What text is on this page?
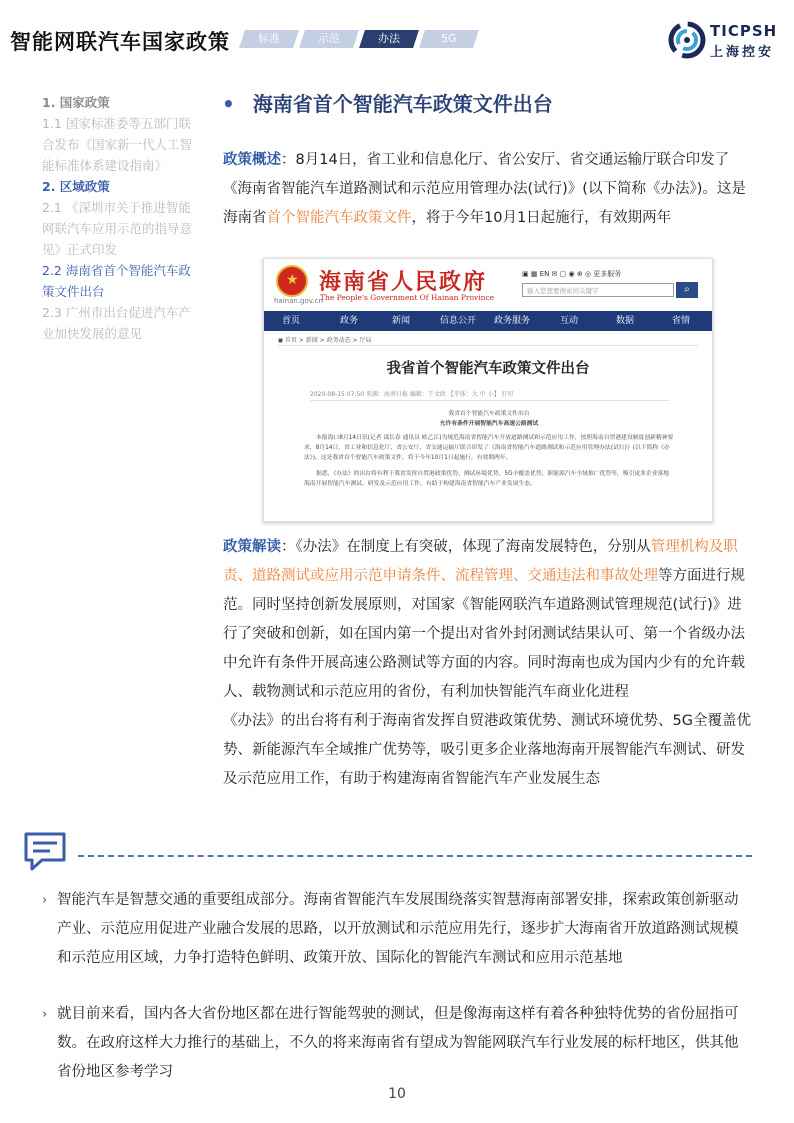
智能网联汽车国家政策	标准	示范	办法	5G	TICPSH
上海控安
1. 国家政策
1.1 国家标准委等五部门联合发布《国家新一代人工智能标准体系建设指南》
2. 区域政策
2.1 《深圳市关于推进智能网联汽车应用示范的指导意见》正式印发
2.2 海南省首个智能汽车政策文件出台
2.3 广州市出台促进汽车产业加快发展的意见
• 海南省首个智能汽车政策文件出台
政策概述：8月14日，省工业和信息化厅、省公安厅、省交通运输厅联合印发了《海南省智能汽车道路测试和示范应用管理办法(试行)》(以下简称《办法》)。这是海南省首个智能汽车政策文件，将于今年10月1日起施行，有效期两年
★
hainan.gov.cn
海南省人民政府
The People's Government Of Hainan Province
▣ ▦ EN ✉ ▢ ◉ ⊕ ◎ 更多服务
输入您想要搜索的关键字	⌕
首页	政务	新闻	信息公开 政务服务	互动	数据	省情
◼ 首页 > 新闻 > 政务动态 > 厅局
我省首个智能汽车政策文件出台
2020-08-15 07:50 来源：海南日报 编辑：王文政 【字体：大 中 小】 打印
我省首个智能汽车政策文件出台
允许有条件开展智能汽车高速公路测试
本报海口8月14日讯(记者 邵长春 通讯员 欧乙江)为规范海南省智能汽车开放道路测试和示范应用工作，按照海南自贸港建设制度创新精神要求，8月14日，省工业和信息化厅、省公安厅、省交通运输厅联合印发了《海南省智能汽车道路测试和示范应用管理办法(试行)》(以下简称《办法》)。这是我省首个智能汽车政策文件，将于今年10月1日起施行，有效期两年。
据悉，《办法》的出台将有利于我省发挥自贸港政策优势、测试环境优势、5G全覆盖优势、新能源汽车全域推广优势等，吸引更多企业落地海南开展智能汽车测试、研发及示范应用工作，有助于构建海南省智能汽车产业发展生态。
政策解读：《办法》在制度上有突破，体现了海南发展特色，分别从管理机构及职责、道路测试或应用示范申请条件、流程管理、交通违法和事故处理等方面进行规范。同时坚持创新发展原则，对国家《智能网联汽车道路测试管理规范(试行)》进行了突破和创新，如在国内第一个提出对省外封闭测试结果认可、第一个省级办法中允许有条件开展高速公路测试等方面的内容。同时海南也成为国内少有的允许载人、载物测试和示范应用的省份，有利加快智能汽车商业化进程
《办法》的出台将有利于海南省发挥自贸港政策优势、测试环境优势、5G全覆盖优势、新能源汽车全域推广优势等，吸引更多企业落地海南开展智能汽车测试、研发及示范应用工作，有助于构建海南省智能汽车产业发展生态
› 智能汽车是智慧交通的重要组成部分。海南省智能汽车发展围绕落实智慧海南部署安排，探索政策创新驱动产业、示范应用促进产业融合发展的思路，以开放测试和示范应用先行，逐步扩大海南省开放道路测试规模和示范应用区域，力争打造特色鲜明、政策开放、国际化的智能汽车测试和应用示范基地
› 就目前来看，国内各大省份地区都在进行智能驾驶的测试，但是像海南这样有着各种独特优势的省份屈指可数。在政府这样大力推行的基础上，不久的将来海南省有望成为智能网联汽车行业发展的标杆地区，供其他省份地区参考学习
10
